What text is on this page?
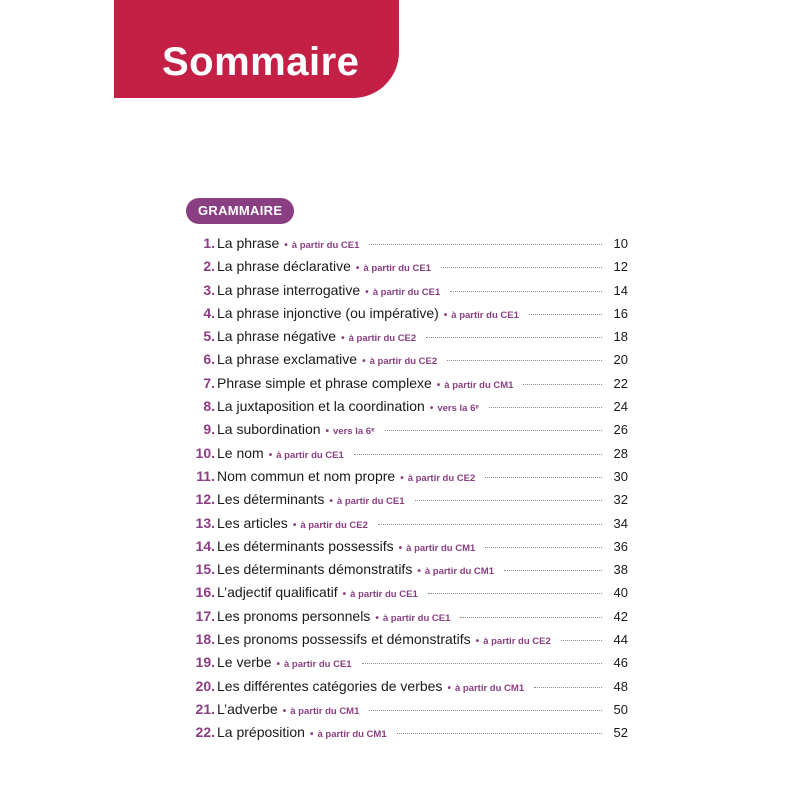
Sommaire
GRAMMAIRE
1. La phrase • à partir du CE1	10
2. La phrase déclarative • à partir du CE1	12
3. La phrase interrogative • à partir du CE1	14
4. La phrase injonctive (ou impérative) • à partir du CE1	16
5. La phrase négative • à partir du CE2	18
6. La phrase exclamative • à partir du CE2	20
7. Phrase simple et phrase complexe • à partir du CM1	22
8. La juxtaposition et la coordination • vers la 6ᵉ	24
9. La subordination • vers la 6ᵉ	26
10. Le nom • à partir du CE1	28
11. Nom commun et nom propre • à partir du CE2	30
12. Les déterminants • à partir du CE1	32
13. Les articles • à partir du CE2	34
14. Les déterminants possessifs • à partir du CM1	36
15. Les déterminants démonstratifs • à partir du CM1	38
16. L’adjectif qualificatif • à partir du CE1	40
17. Les pronoms personnels • à partir du CE1	42
18. Les pronoms possessifs et démonstratifs • à partir du CE2	44
19. Le verbe • à partir du CE1	46
20. Les différentes catégories de verbes • à partir du CM1	48
21. L’adverbe • à partir du CM1	50
22. La préposition • à partir du CM1	52
